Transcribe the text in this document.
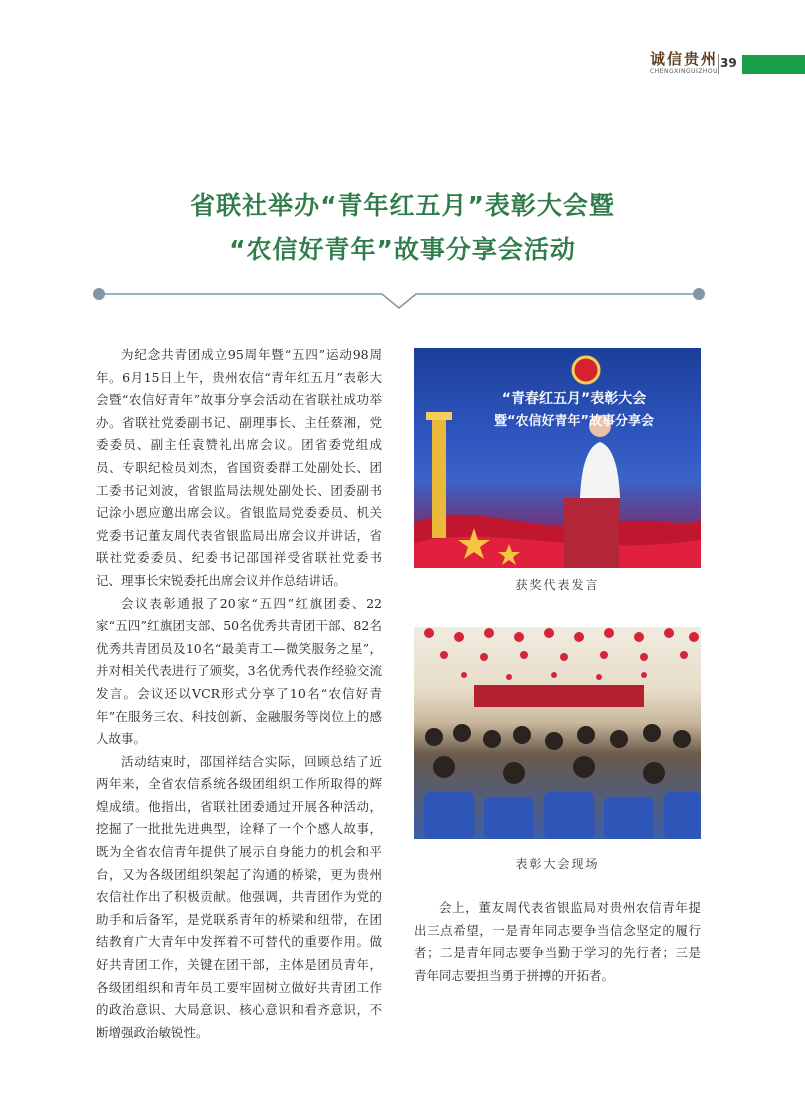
诚信贵州
CHENGXINGUIZHOU
39
省联社举办“青年红五月”表彰大会暨
“农信好青年”故事分享会活动

为纪念共青团成立95周年暨“五四”运动98周年。6月15日上午，贵州农信“青年红五月”表彰大会暨“农信好青年”故事分享会活动在省联社成功举办。省联社党委副书记、副理事长、主任蔡湘，党委委员、副主任袁赞礼出席会议。团省委党组成员、专职纪检员刘杰，省国资委群工处副处长、团工委书记刘波，省银监局法规处副处长、团委副书记涂小恩应邀出席会议。省银监局党委委员、机关党委书记董友周代表省银监局出席会议并讲话，省联社党委委员、纪委书记邵国祥受省联社党委书记、理事长宋锐委托出席会议并作总结讲话。

会议表彰通报了20家“五四”红旗团委、22家“五四”红旗团支部、50名优秀共青团干部、82名优秀共青团员及10名“最美青工—微笑服务之星”，并对相关代表进行了颁奖，3名优秀代表作经验交流发言。会议还以VCR形式分享了10名“农信好青年”在服务三农、科技创新、金融服务等岗位上的感人故事。

活动结束时，邵国祥结合实际，回顾总结了近两年来，全省农信系统各级团组织工作所取得的辉煌成绩。他指出，省联社团委通过开展各种活动，挖掘了一批批先进典型，诠释了一个个感人故事，既为全省农信青年提供了展示自身能力的机会和平台，又为各级团组织架起了沟通的桥梁，更为贵州农信社作出了积极贡献。他强调，共青团作为党的助手和后备军，是党联系青年的桥梁和纽带，在团结教育广大青年中发挥着不可替代的重要作用。做好共青团工作，关键在团干部，主体是团员青年，各级团组织和青年员工要牢固树立做好共青团工作的政治意识、大局意识、核心意识和看齐意识，不断增强政治敏锐性。

“青春红五月”表彰大会
暨“农信好青年”故事分享会
获奖代表发言
表彰大会现场

会上，董友周代表省银监局对贵州农信青年提出三点希望，一是青年同志要争当信念坚定的履行者；二是青年同志要争当勤于学习的先行者；三是青年同志要担当勇于拼搏的开拓者。
